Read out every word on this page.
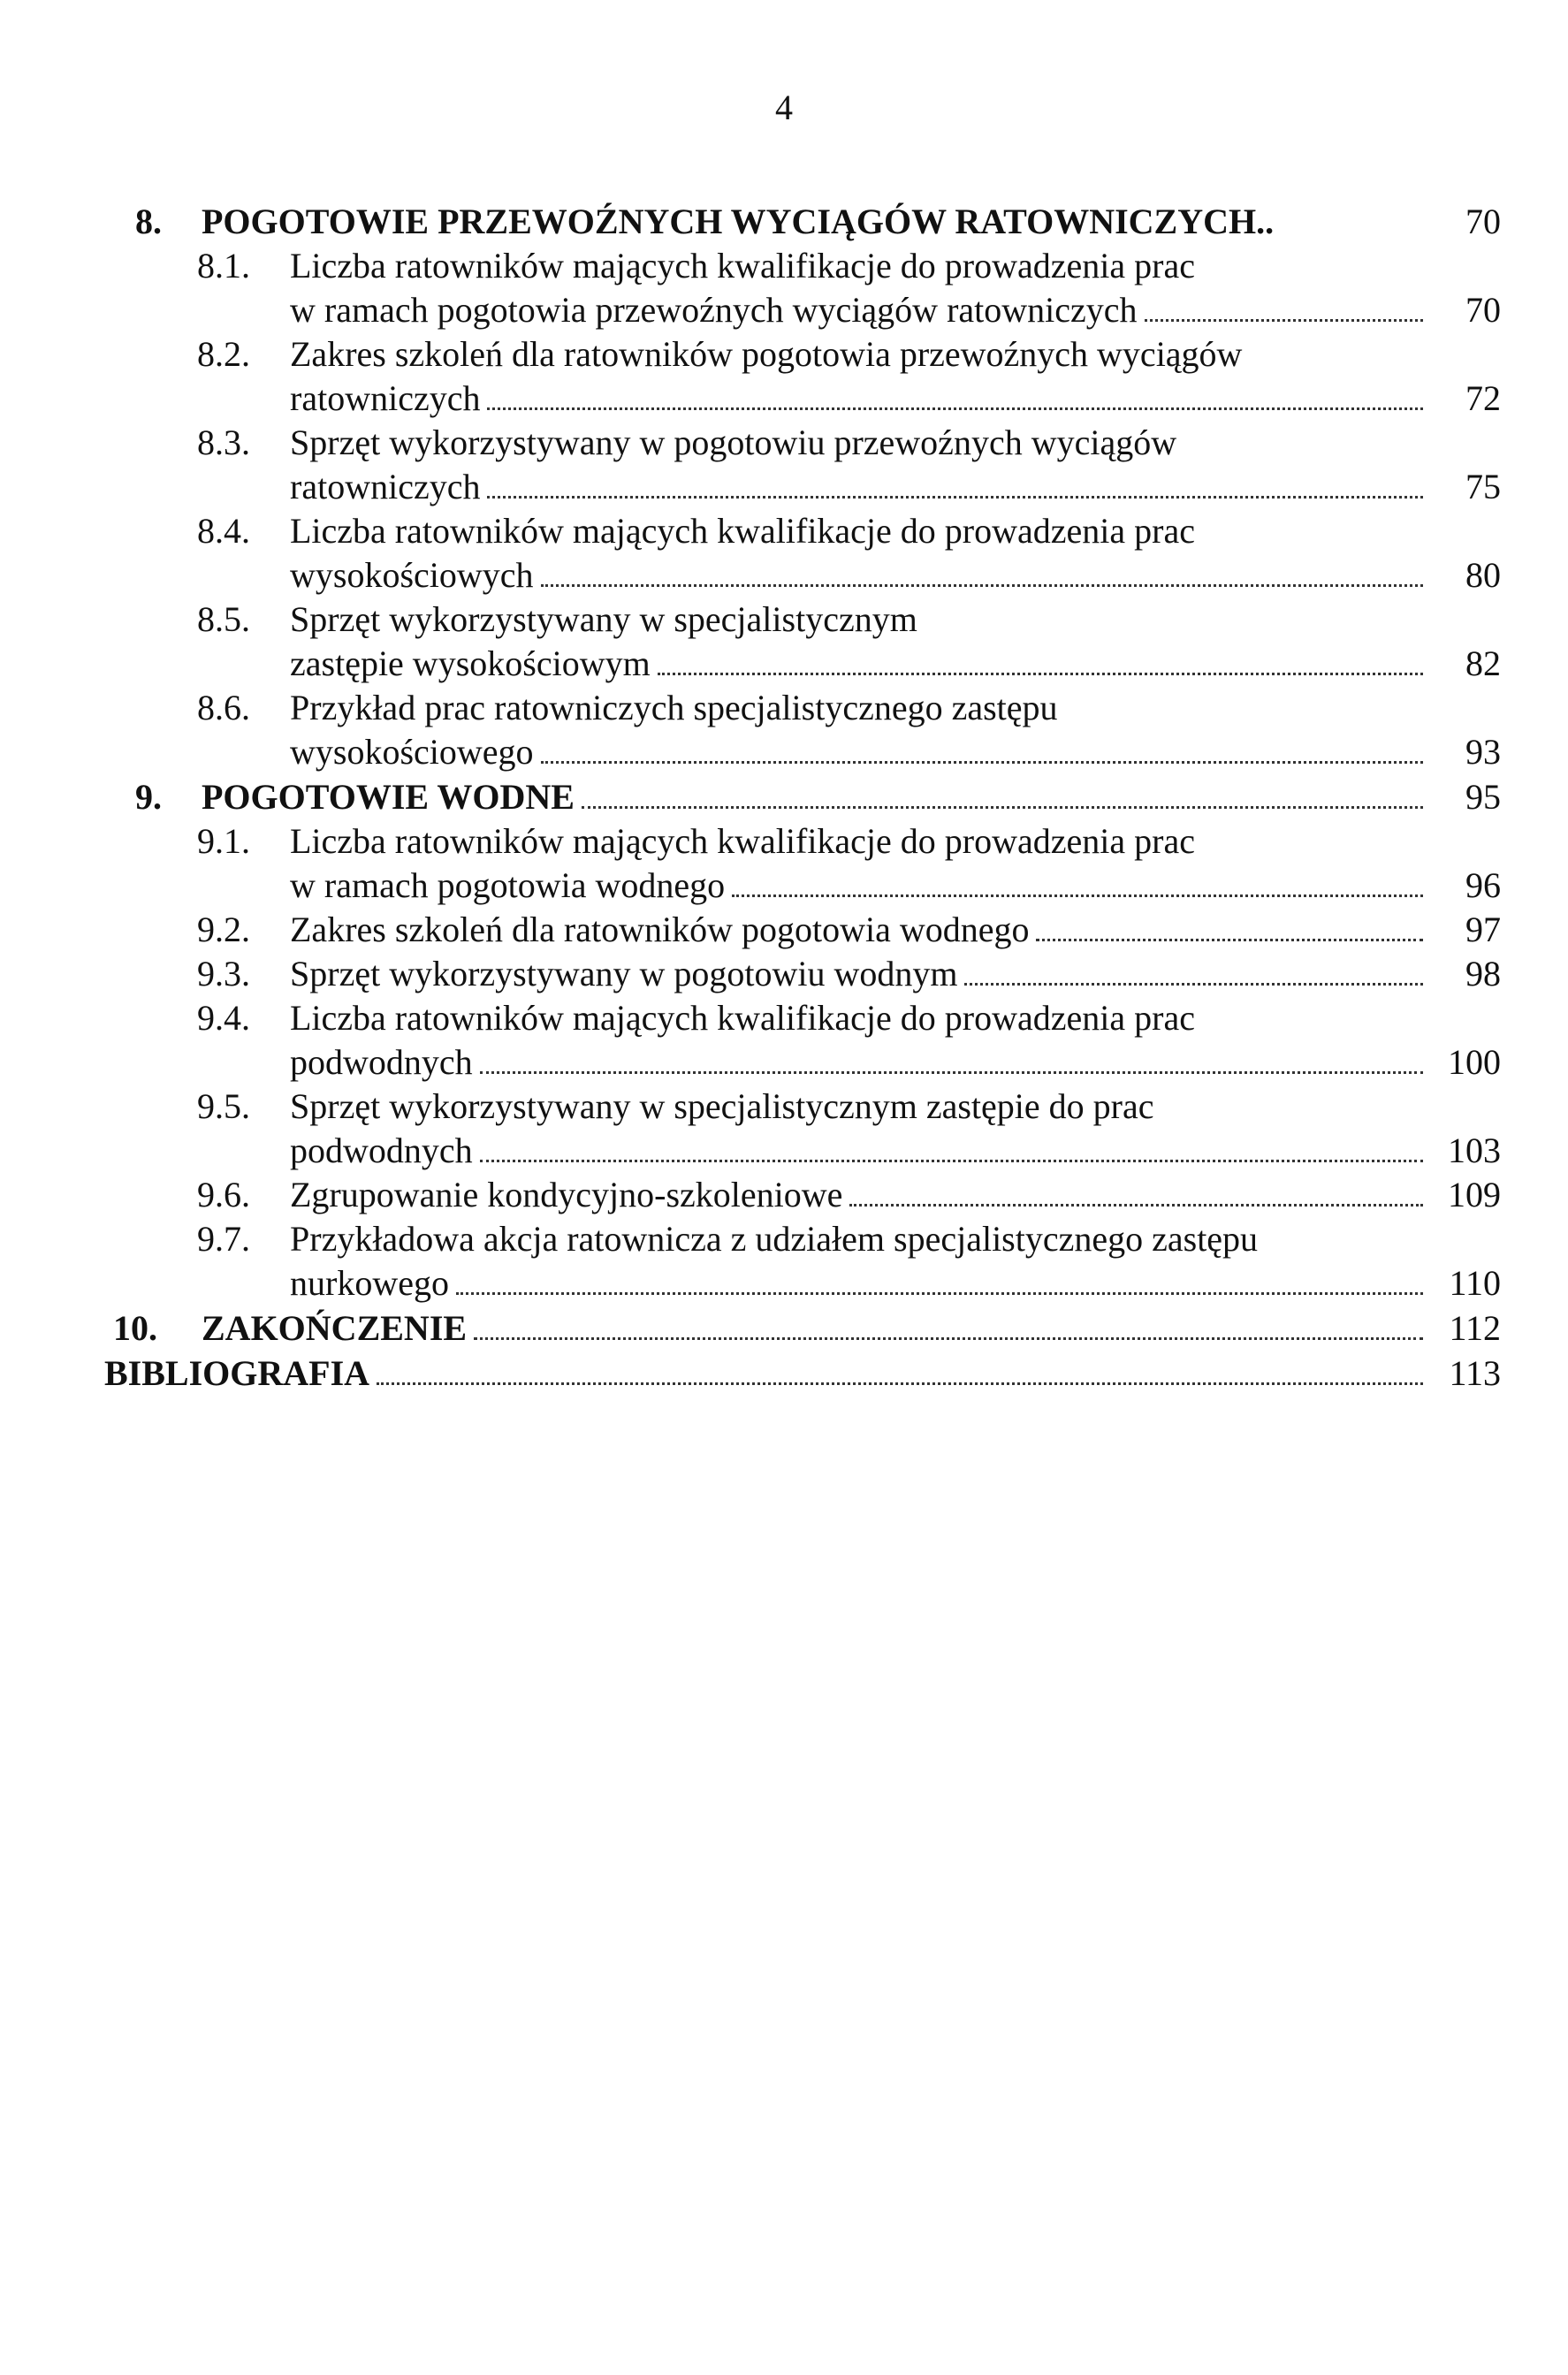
4
8. POGOTOWIE PRZEWOŹNYCH WYCIĄGÓW RATOWNICZYCH..	70
8.1. Liczba ratowników mających kwalifikacje do prowadzenia prac
w ramach pogotowia przewoźnych wyciągów ratowniczych	70
8.2. Zakres szkoleń dla ratowników pogotowia przewoźnych wyciągów
ratowniczych	72
8.3. Sprzęt wykorzystywany w pogotowiu przewoźnych wyciągów
ratowniczych	75
8.4. Liczba ratowników mających kwalifikacje do prowadzenia prac
wysokościowych	80
8.5. Sprzęt wykorzystywany w specjalistycznym
zastępie wysokościowym	82
8.6. Przykład prac ratowniczych specjalistycznego zastępu
wysokościowego	93
9. POGOTOWIE WODNE	95
9.1. Liczba ratowników mających kwalifikacje do prowadzenia prac
w ramach pogotowia wodnego	96
9.2. Zakres szkoleń dla ratowników pogotowia wodnego	97
9.3. Sprzęt wykorzystywany w pogotowiu wodnym	98
9.4. Liczba ratowników mających kwalifikacje do prowadzenia prac
podwodnych	100
9.5. Sprzęt wykorzystywany w specjalistycznym zastępie do prac
podwodnych	103
9.6. Zgrupowanie kondycyjno-szkoleniowe	109
9.7. Przykładowa akcja ratownicza z udziałem specjalistycznego zastępu
nurkowego	110
10. ZAKOŃCZENIE	112
BIBLIOGRAFIA	113
